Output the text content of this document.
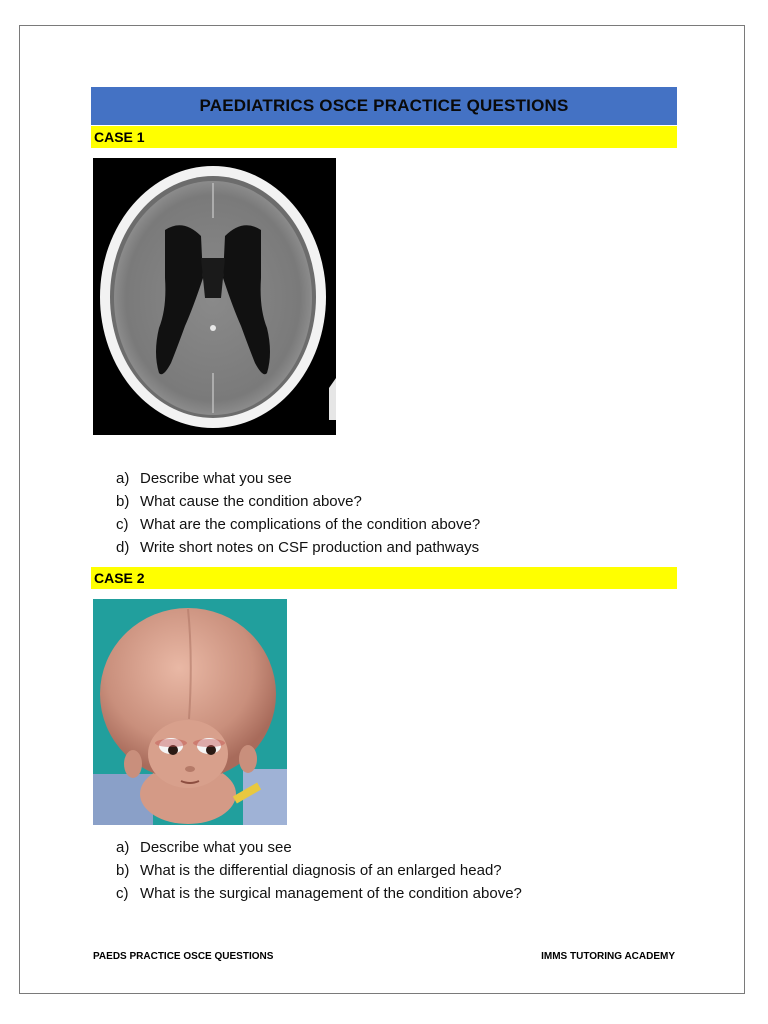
PAEDIATRICS OSCE PRACTICE QUESTIONS
CASE 1
a) Describe what you see
b) What cause the condition above?
c) What are the complications of the condition above?
d) Write short notes on CSF production and pathways
CASE 2
a) Describe what you see
b) What is the differential diagnosis of an enlarged head?
c) What is the surgical management of the condition above?
PAEDS PRACTICE OSCE QUESTIONS	IMMS TUTORING ACADEMY
